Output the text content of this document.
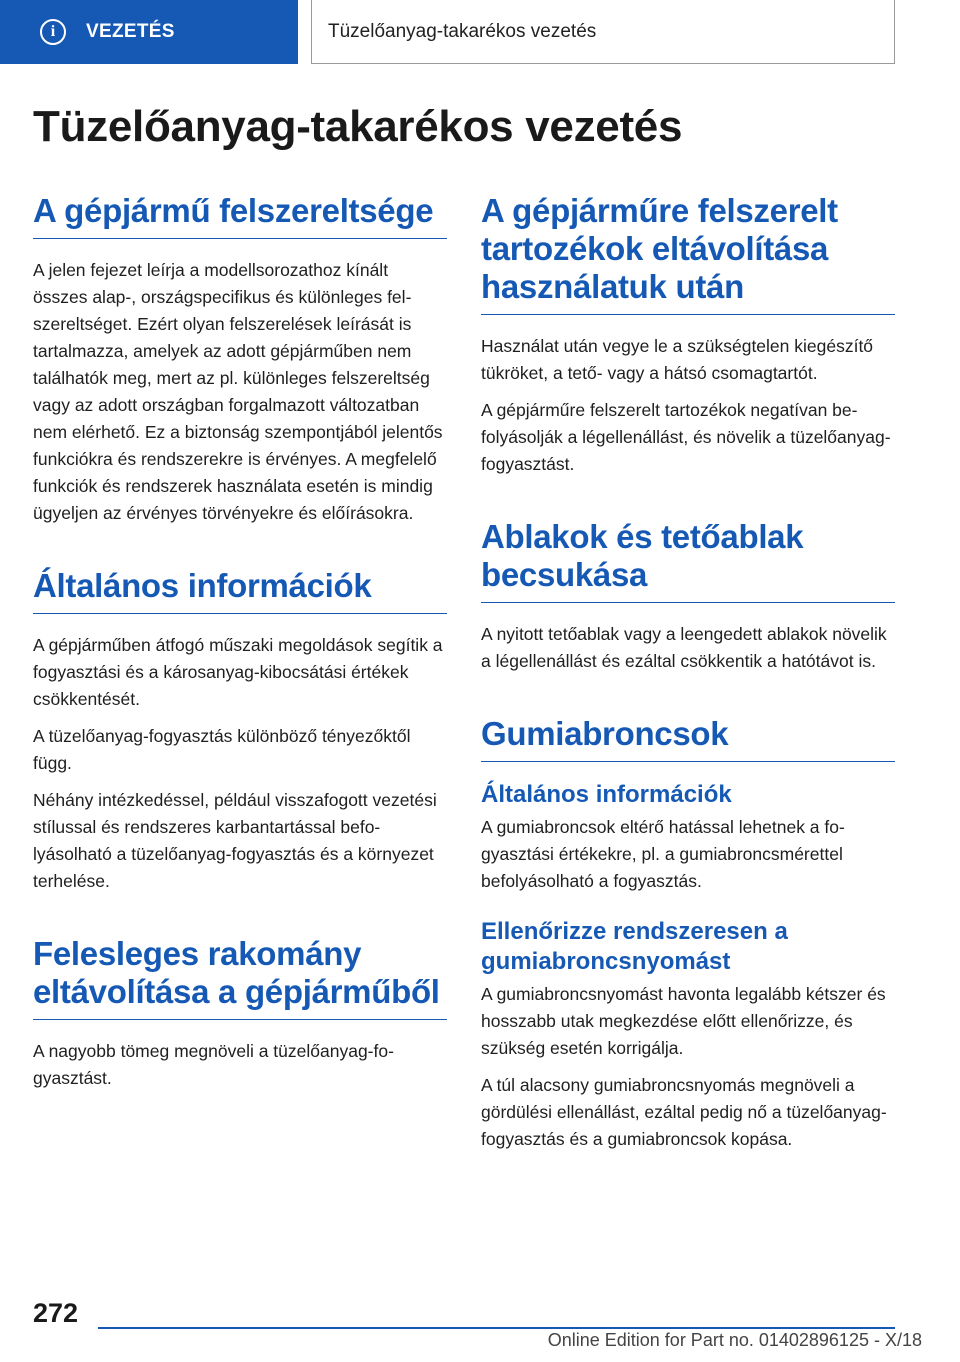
i	VEZETÉS	Tüzelőanyag-takarékos vezetés
Tüzelőanyag-takarékos vezetés
A gépjármű felszereltsége

A jelen fejezet leírja a modellsorozathoz kínált összes alap-, országspecifikus és különleges felszereltséget. Ezért olyan felszerelések leírását is tartalmazza, amelyek az adott gépjárműben nem találhatók meg, mert az pl. különleges felszereltség vagy az adott országban forgalmazott változatban nem elérhető. Ez a biztonság szempontjából jelentős funkciókra és rendszerekre is érvényes. A megfelelő funkciók és rendszerek használata esetén is mindig ügyeljen az érvényes törvényekre és előírásokra.

Általános információk

A gépjárműben átfogó műszaki megoldások segítik a fogyasztási és a károsanyag-kibocsátási értékek csökkentését.

A tüzelőanyag-fogyasztás különböző tényezőktől függ.

Néhány intézkedéssel, például visszafogott vezetési stílussal és rendszeres karbantartással befolyásolható a tüzelőanyag-fogyasztás és a környezet terhelése.

Felesleges rakomány eltávolítása a gépjárműből

A nagyobb tömeg megnöveli a tüzelőanyag-fogyasztást.

A gépjárműre felszerelt tartozékok eltávolítása használatuk után

Használat után vegye le a szükségtelen kiegészítő tükröket, a tető- vagy a hátsó csomagtartót.

A gépjárműre felszerelt tartozékok negatívan befolyásolják a légellenállást, és növelik a tüzelőanyag-fogyasztást.

Ablakok és tetőablak becsukása

A nyitott tetőablak vagy a leengedett ablakok növelik a légellenállást és ezáltal csökkentik a hatótávot is.

Gumiabroncsok
Általános információk

A gumiabroncsok eltérő hatással lehetnek a fogyasztási értékekre, pl. a gumiabroncsmérettel befolyásolható a fogyasztás.

Ellenőrizze rendszeresen a gumiabroncsnyomást

A gumiabroncsnyomást havonta legalább kétszer és hosszabb utak megkezdése előtt ellenőrizze, és szükség esetén korrigálja.

A túl alacsony gumiabroncsnyomás megnöveli a gördülési ellenállást, ezáltal pedig nő a tüzelőanyag-fogyasztás és a gumiabroncsok kopása.

272
Online Edition for Part no. 01402896125 - X/18
